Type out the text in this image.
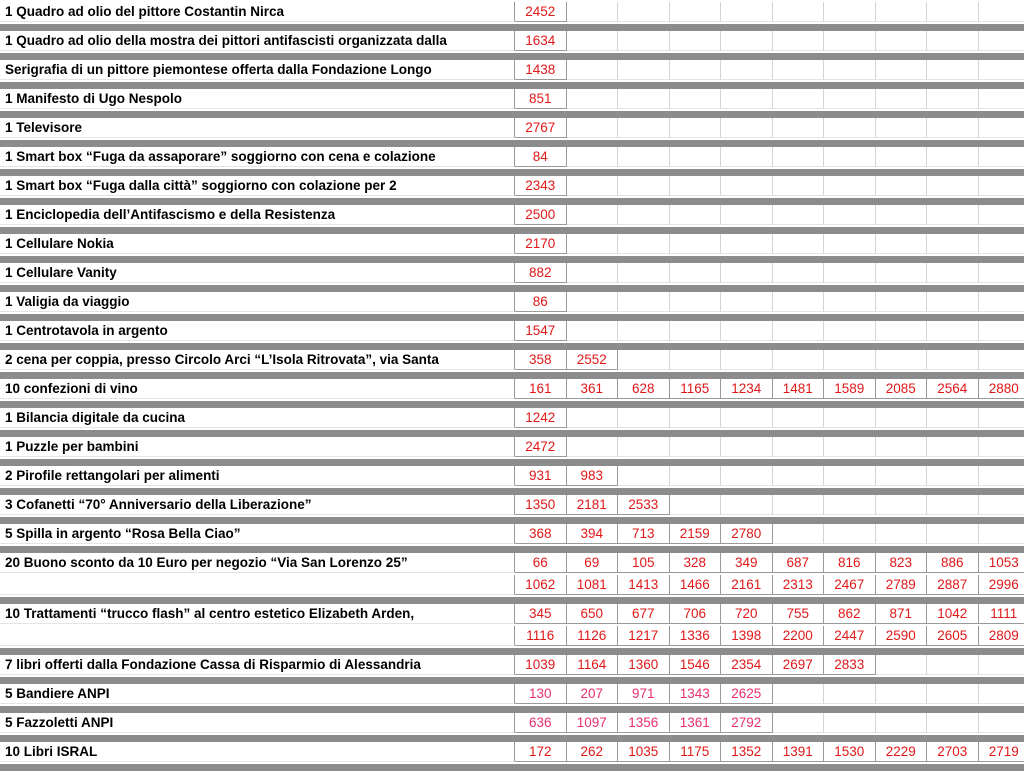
1 Quadro ad olio del pittore Costantin Nirca	2452
1 Quadro ad olio della mostra dei pittori antifascisti organizzata dalla	1634
Serigrafia di un pittore piemontese offerta dalla Fondazione Longo	1438
1 Manifesto di Ugo Nespolo	851
1 Televisore	2767
1 Smart box “Fuga da assaporare” soggiorno con cena e colazione	84
1 Smart box “Fuga dalla città” soggiorno con colazione per 2	2343
1 Enciclopedia dell’Antifascismo e della Resistenza	2500
1 Cellulare Nokia	2170
1 Cellulare Vanity	882
1 Valigia da viaggio	86
1 Centrotavola in argento	1547
2 cena per coppia, presso Circolo Arci “L’Isola Ritrovata”, via Santa	358	2552
10 confezioni di vino	161	361	628	1165	1234	1481	1589	2085	2564	2880
1 Bilancia digitale da cucina	1242
1 Puzzle per bambini	2472
2 Pirofile rettangolari per alimenti	931	983
3 Cofanetti “70° Anniversario della Liberazione”	1350	2181	2533
5 Spilla in argento “Rosa Bella Ciao”	368	394	713	2159	2780
20 Buono sconto da 10 Euro per negozio “Via San Lorenzo 25”	66	69	105	328	349	687	816	823	886	1053
1062	1081	1413	1466	2161	2313	2467	2789	2887	2996
10 Trattamenti “trucco flash” al centro estetico Elizabeth Arden,	345	650	677	706	720	755	862	871	1042	1111
1116	1126	1217	1336	1398	2200	2447	2590	2605	2809
7 libri offerti dalla Fondazione Cassa di Risparmio di Alessandria	1039	1164	1360	1546	2354	2697	2833
5 Bandiere ANPI	130	207	971	1343	2625
5 Fazzoletti ANPI	636	1097	1356	1361	2792
10 Libri ISRAL	172	262	1035	1175	1352	1391	1530	2229	2703	2719
